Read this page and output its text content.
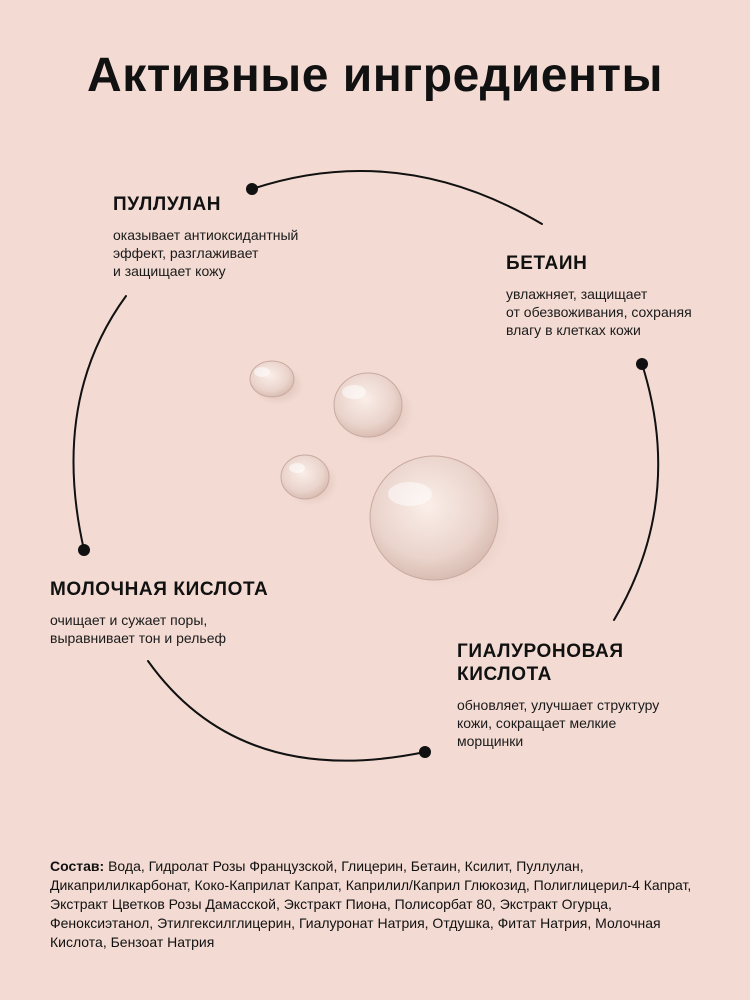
Активные ингредиенты

ПУЛЛУЛАН

оказывает антиоксидантный
эффект, разглаживает
и защищает кожу	БЕТАИН

увлажняет, защищает
от обезвоживания, сохраняя
влагу в клетках кожи

МОЛОЧНАЯ КИСЛОТА

очищает и сужает поры,
выравнивает тон и рельеф

ГИАЛУРОНОВАЯ
КИСЛОТА

обновляет, улучшает структуру
кожи, сокращает мелкие
морщинки

Состав: Вода, Гидролат Розы Французской, Глицерин, Бетаин, Ксилит, Пуллулан, Дикаприлилкарбонат, Коко-Каприлат Капрат, Каприлил/Каприл Глюкозид, Полиглицерил-4 Капрат, Экстракт Цветков Розы Дамасской, Экстракт Пиона, Полисорбат 80, Экстракт Огурца, Феноксиэтанол, Этилгексилглицерин, Гиалуронат Натрия, Отдушка, Фитат Натрия, Молочная Кислота, Бензоат Натрия
